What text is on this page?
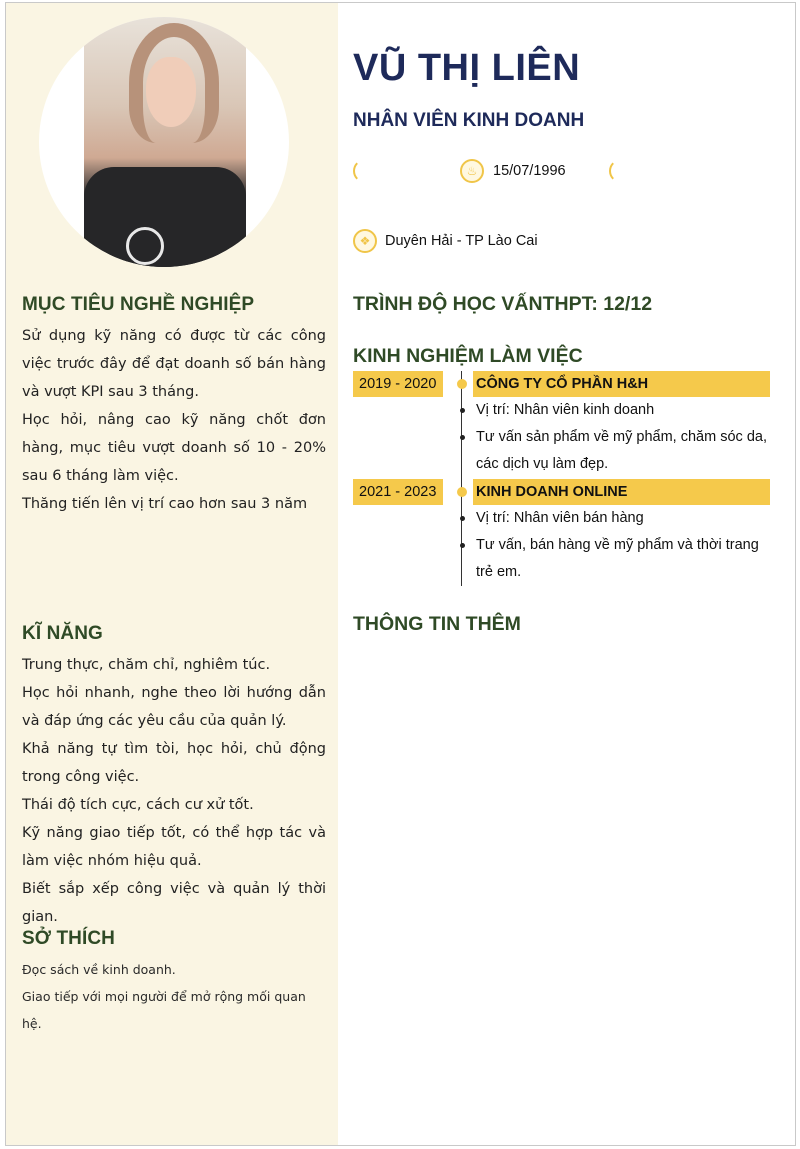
MỤC TIÊU NGHỀ NGHIỆP

Sử dụng kỹ năng có được từ các công việc trước đây để đạt doanh số bán hàng và vượt KPI sau 3 tháng.

Học hỏi, nâng cao kỹ năng chốt đơn hàng, mục tiêu vượt doanh số 10 - 20% sau 6 tháng làm việc.

Thăng tiến lên vị trí cao hơn sau 3 năm

KĨ NĂNG

Trung thực, chăm chỉ, nghiêm túc.

Học hỏi nhanh, nghe theo lời hướng dẫn và đáp ứng các yêu cầu của quản lý.

Khả năng tự tìm tòi, học hỏi, chủ động trong công việc.

Thái độ tích cực, cách cư xử tốt.

Kỹ năng giao tiếp tốt, có thể hợp tác và làm việc nhóm hiệu quả.

Biết sắp xếp công việc và quản lý thời gian.

SỞ THÍCH

Đọc sách về kinh doanh.

Giao tiếp với mọi người để mở rộng mối quan hệ.

VŨ THỊ LIÊN
NHÂN VIÊN KINH DOANH
♨	15/07/1996
❖	Duyên Hải - TP Lào Cai
TRÌNH ĐỘ HỌC VẤNTHPT: 12/12
KINH NGHIỆM LÀM VIỆC
2019 - 2020	CÔNG TY CỔ PHẦN H&H
Vị trí: Nhân viên kinh doanh
Tư vấn sản phẩm về mỹ phẩm, chăm sóc da, các dịch vụ làm đẹp.
2021 - 2023	KINH DOANH ONLINE
Vị trí: Nhân viên bán hàng
Tư vấn, bán hàng về mỹ phẩm và thời trang trẻ em.
THÔNG TIN THÊM
